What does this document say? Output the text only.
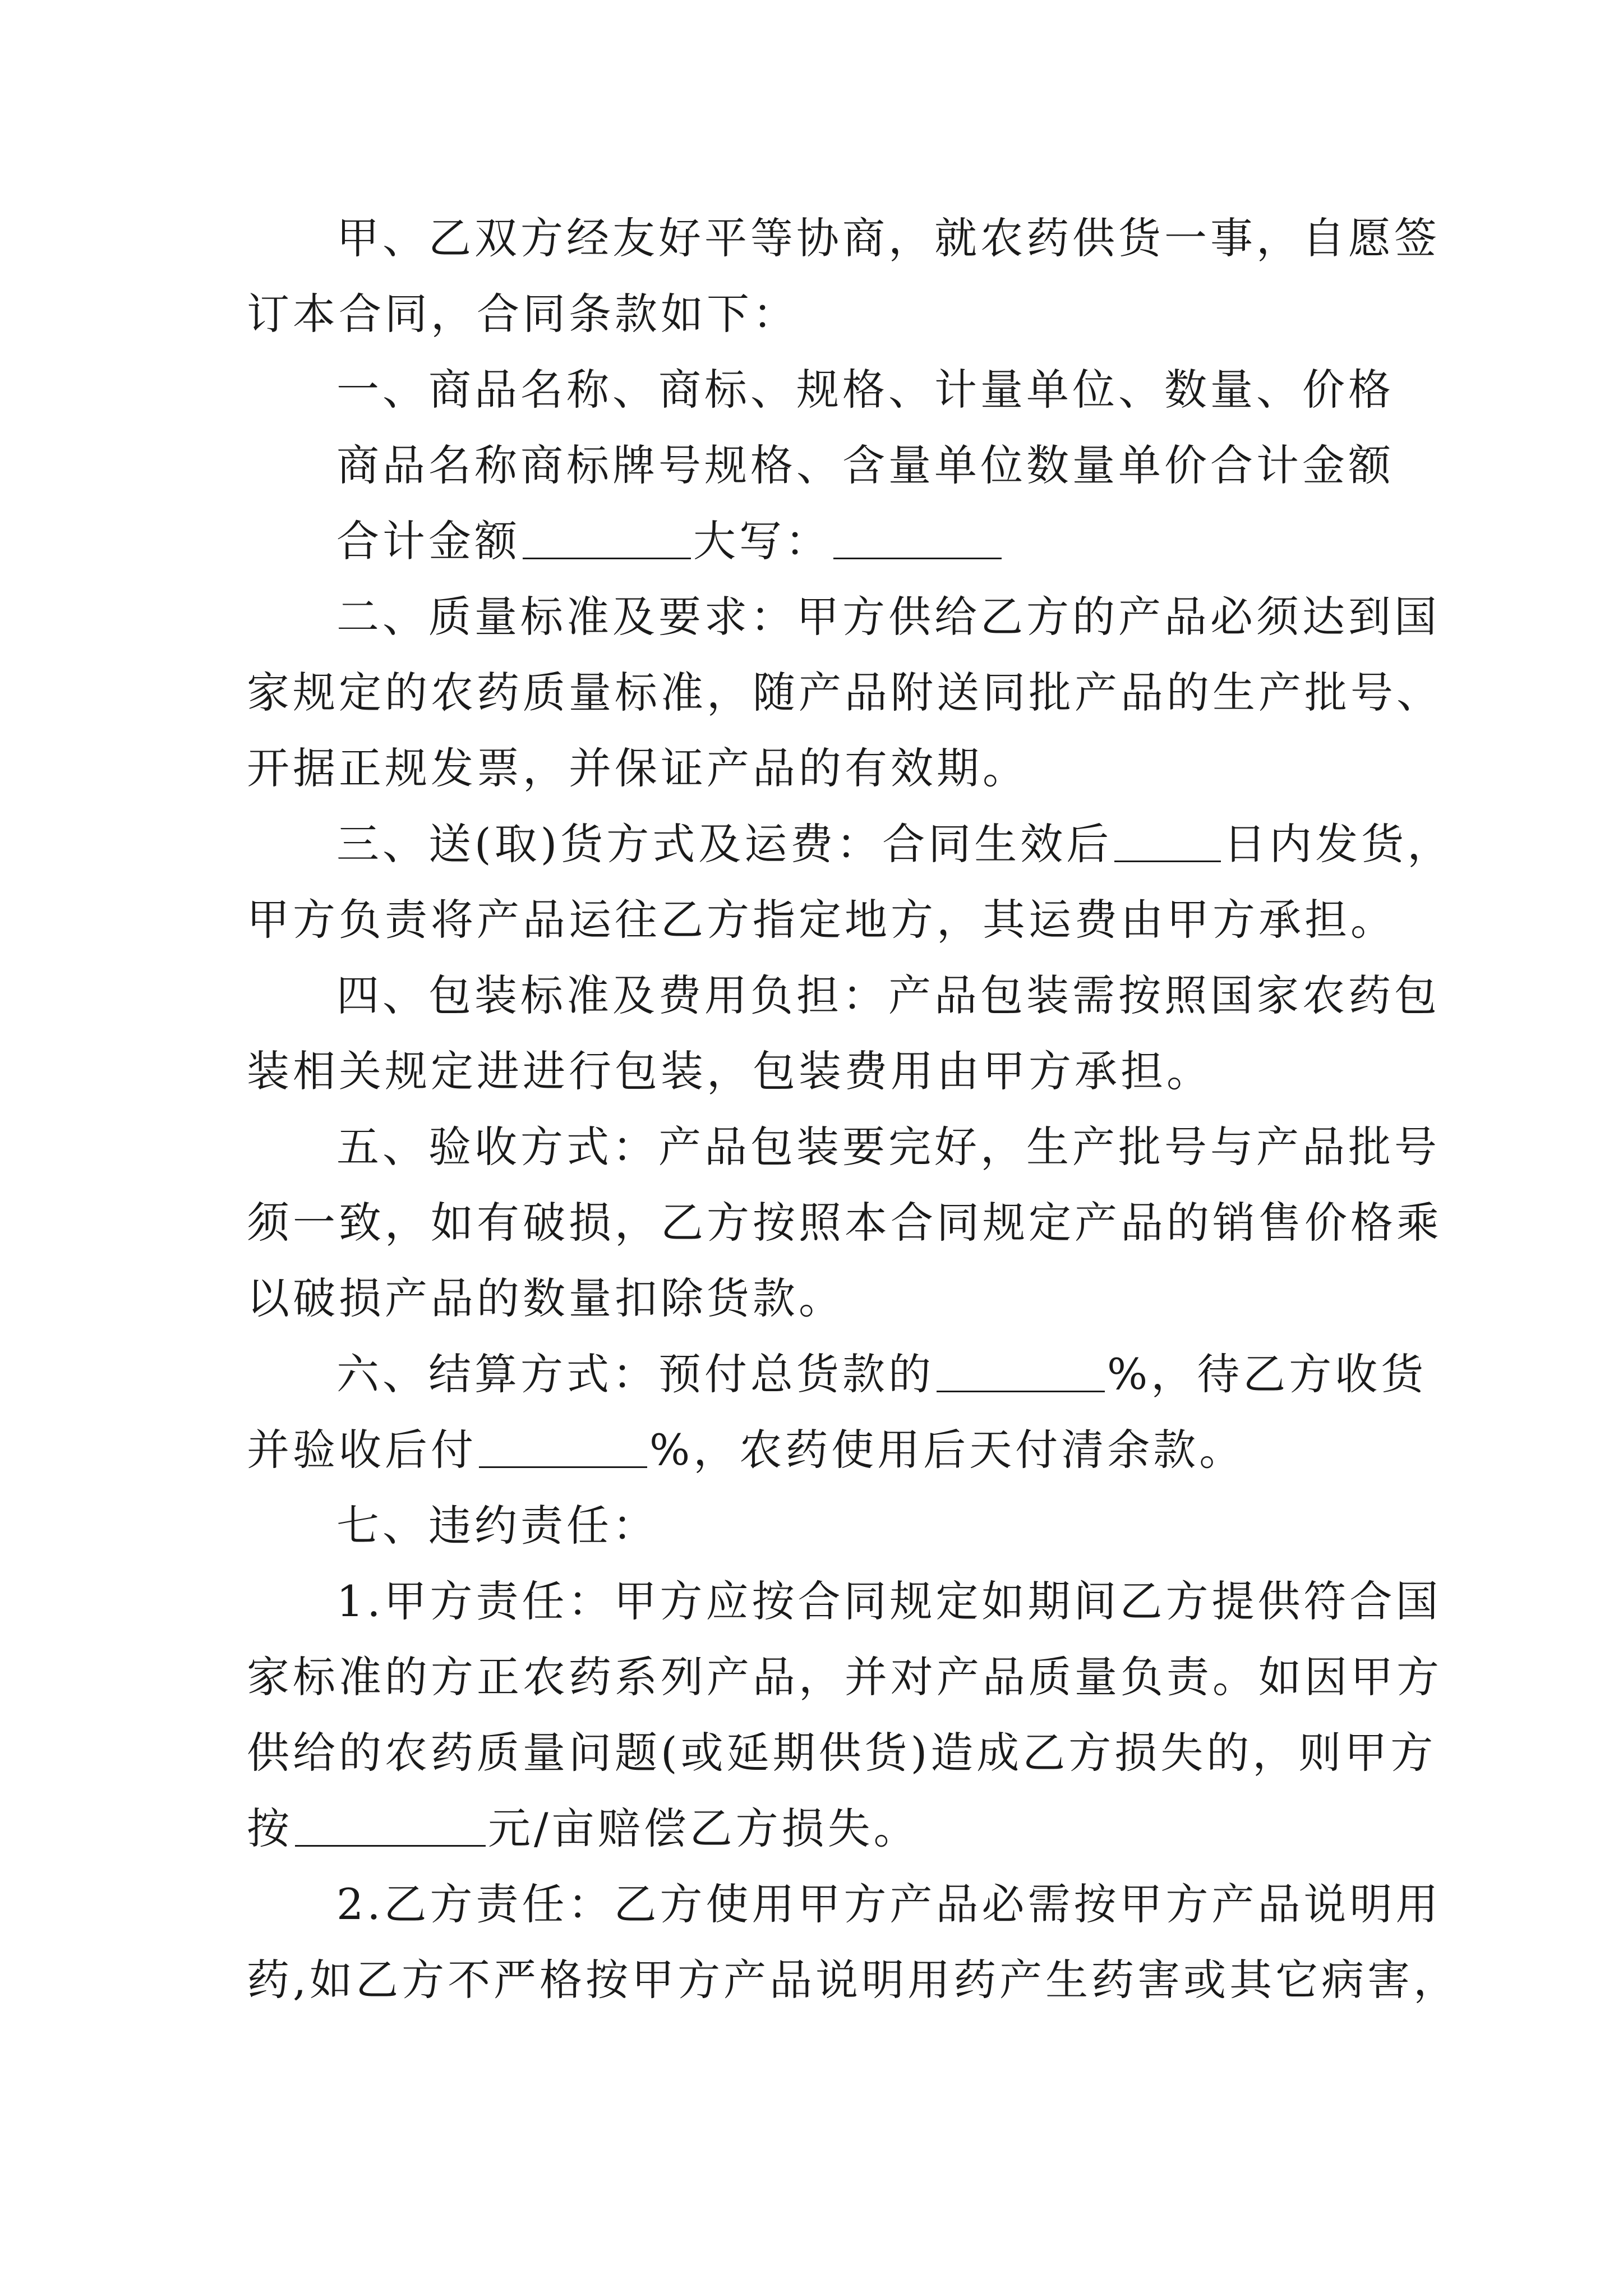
甲、乙双方经友好平等协商，就农药供货一事，自愿签
订本合同，合同条款如下：
一、商品名称、商标、规格、计量单位、数量、价格
商品名称商标牌号规格、含量单位数量单价合计金额
合计金额	大写：
二、质量标准及要求：甲方供给乙方的产品必须达到国
家规定的农药质量标准，随产品附送同批产品的生产批号、
开据正规发票，并保证产品的有效期。
三、送(取)货方式及运费：合同生效后	日内发货，
甲方负责将产品运往乙方指定地方，其运费由甲方承担。
四、包装标准及费用负担：产品包装需按照国家农药包
装相关规定进进行包装，包装费用由甲方承担。
五、验收方式：产品包装要完好，生产批号与产品批号
须一致，如有破损，乙方按照本合同规定产品的销售价格乘
以破损产品的数量扣除货款。
六、结算方式：预付总货款的	%，待乙方收货
并验收后付	%，农药使用后天付清余款。
七、违约责任：
1.甲方责任：甲方应按合同规定如期间乙方提供符合国
家标准的方正农药系列产品，并对产品质量负责。如因甲方
供给的农药质量问题(或延期供货)造成乙方损失的，则甲方
按	元/亩赔偿乙方损失。
2.乙方责任：乙方使用甲方产品必需按甲方产品说明用
药,如乙方不严格按甲方产品说明用药产生药害或其它病害，
